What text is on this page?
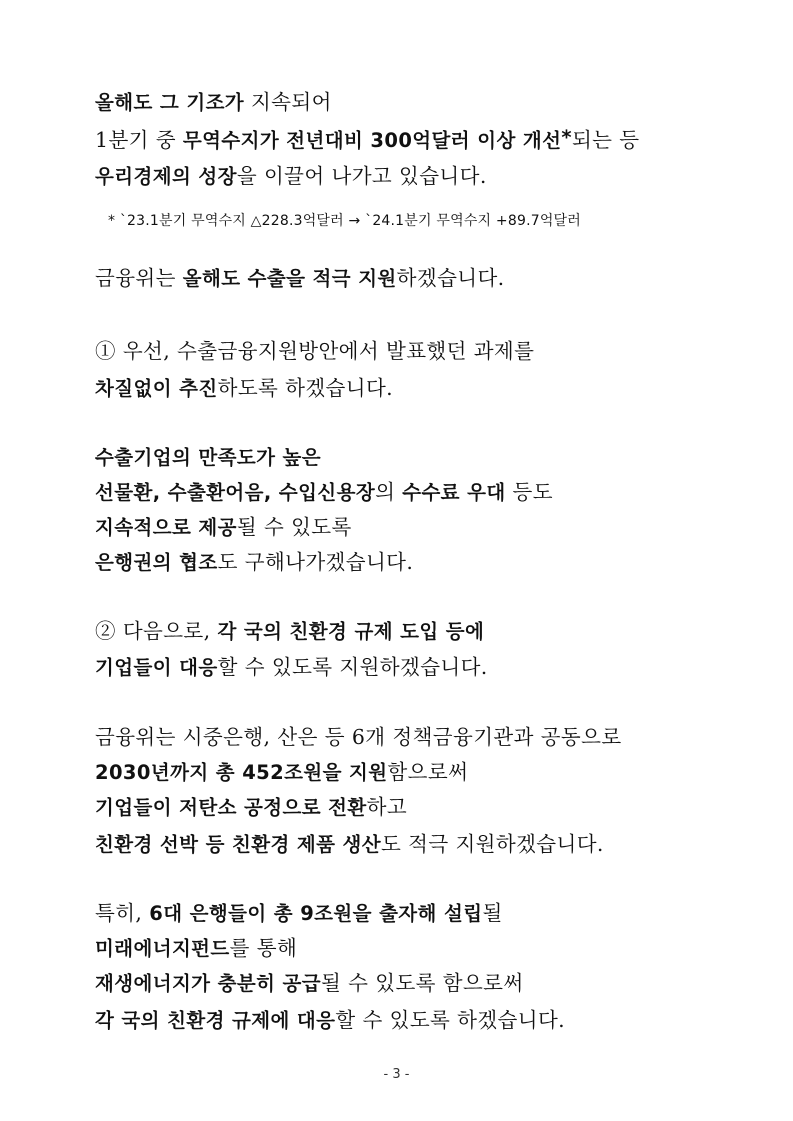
올해도 그 기조가 지속되어
1분기 중 무역수지가 전년대비 300억달러 이상 개선*되는 등
우리경제의 성장을 이끌어 나가고 있습니다.
* `23.1분기 무역수지 △228.3억달러 → `24.1분기 무역수지 +89.7억달러
금융위는 올해도 수출을 적극 지원하겠습니다.
① 우선, 수출금융지원방안에서 발표했던 과제를
차질없이 추진하도록 하겠습니다.
수출기업의 만족도가 높은
선물환, 수출환어음, 수입신용장의 수수료 우대 등도
지속적으로 제공될 수 있도록
은행권의 협조도 구해나가겠습니다.
② 다음으로, 각 국의 친환경 규제 도입 등에
기업들이 대응할 수 있도록 지원하겠습니다.
금융위는 시중은행, 산은 등 6개 정책금융기관과 공동으로
2030년까지 총 452조원을 지원함으로써
기업들이 저탄소 공정으로 전환하고
친환경 선박 등 친환경 제품 생산도 적극 지원하겠습니다.
특히, 6대 은행들이 총 9조원을 출자해 설립될
미래에너지펀드를 통해
재생에너지가 충분히 공급될 수 있도록 함으로써
각 국의 친환경 규제에 대응할 수 있도록 하겠습니다.
- 3 -
